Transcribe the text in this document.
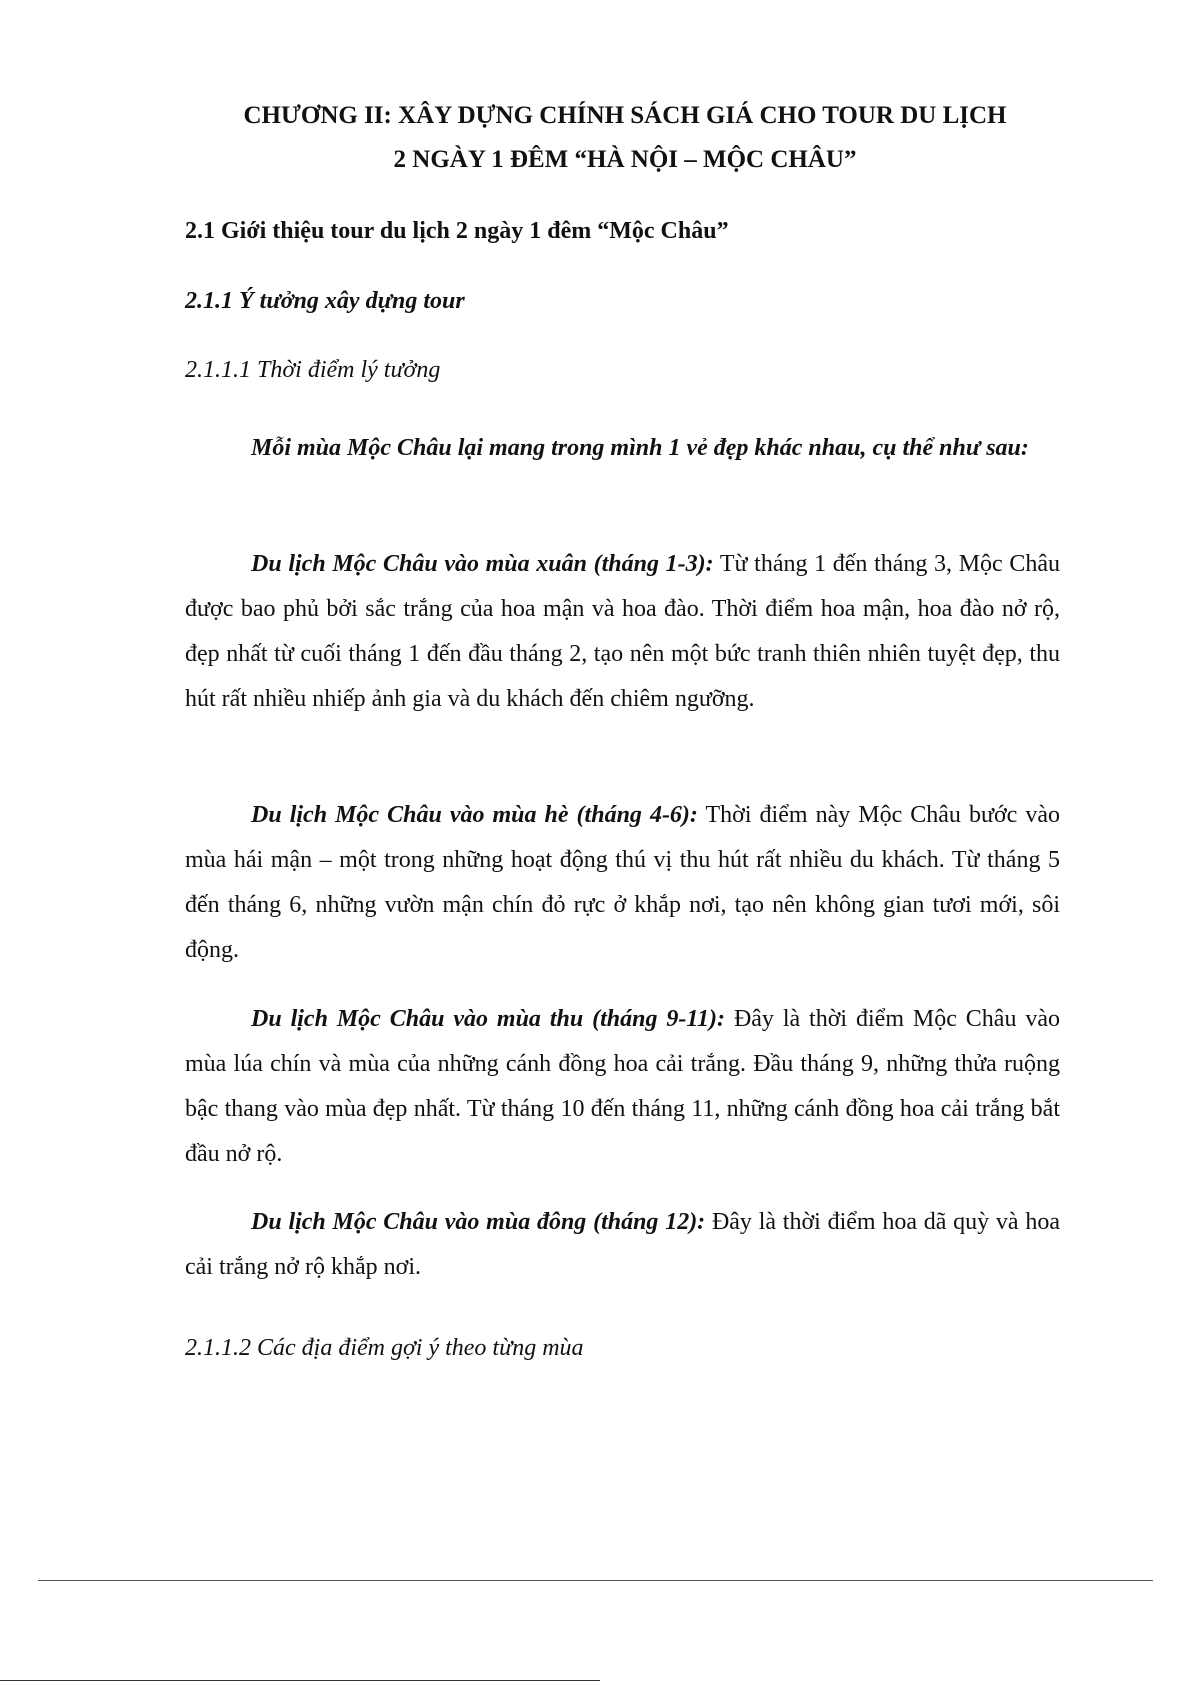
CHƯƠNG II: XÂY DỰNG CHÍNH SÁCH GIÁ CHO TOUR DU LỊCH
2 NGÀY 1 ĐÊM “HÀ NỘI – MỘC CHÂU”
2.1 Giới thiệu tour du lịch 2 ngày 1 đêm “Mộc Châu”
2.1.1 Ý tưởng xây dựng tour
2.1.1.1 Thời điểm lý tưởng

Mỗi mùa Mộc Châu lại mang trong mình 1 vẻ đẹp khác nhau, cụ thể như sau:

Du lịch Mộc Châu vào mùa xuân (tháng 1-3): Từ tháng 1 đến tháng 3, Mộc Châu được bao phủ bởi sắc trắng của hoa mận và hoa đào. Thời điểm hoa mận, hoa đào nở rộ, đẹp nhất từ cuối tháng 1 đến đầu tháng 2, tạo nên một bức tranh thiên nhiên tuyệt đẹp, thu hút rất nhiều nhiếp ảnh gia và du khách đến chiêm ngưỡng.

Du lịch Mộc Châu vào mùa hè (tháng 4-6): Thời điểm này Mộc Châu bước vào mùa hái mận – một trong những hoạt động thú vị thu hút rất nhiều du khách. Từ tháng 5 đến tháng 6, những vườn mận chín đỏ rực ở khắp nơi, tạo nên không gian tươi mới, sôi động.

Du lịch Mộc Châu vào mùa thu (tháng 9-11): Đây là thời điểm Mộc Châu vào mùa lúa chín và mùa của những cánh đồng hoa cải trắng. Đầu tháng 9, những thửa ruộng bậc thang vào mùa đẹp nhất. Từ tháng 10 đến tháng 11, những cánh đồng hoa cải trắng bắt đầu nở rộ.

Du lịch Mộc Châu vào mùa đông (tháng 12): Đây là thời điểm hoa dã quỳ và hoa cải trắng nở rộ khắp nơi.

2.1.1.2 Các địa điểm gợi ý theo từng mùa
